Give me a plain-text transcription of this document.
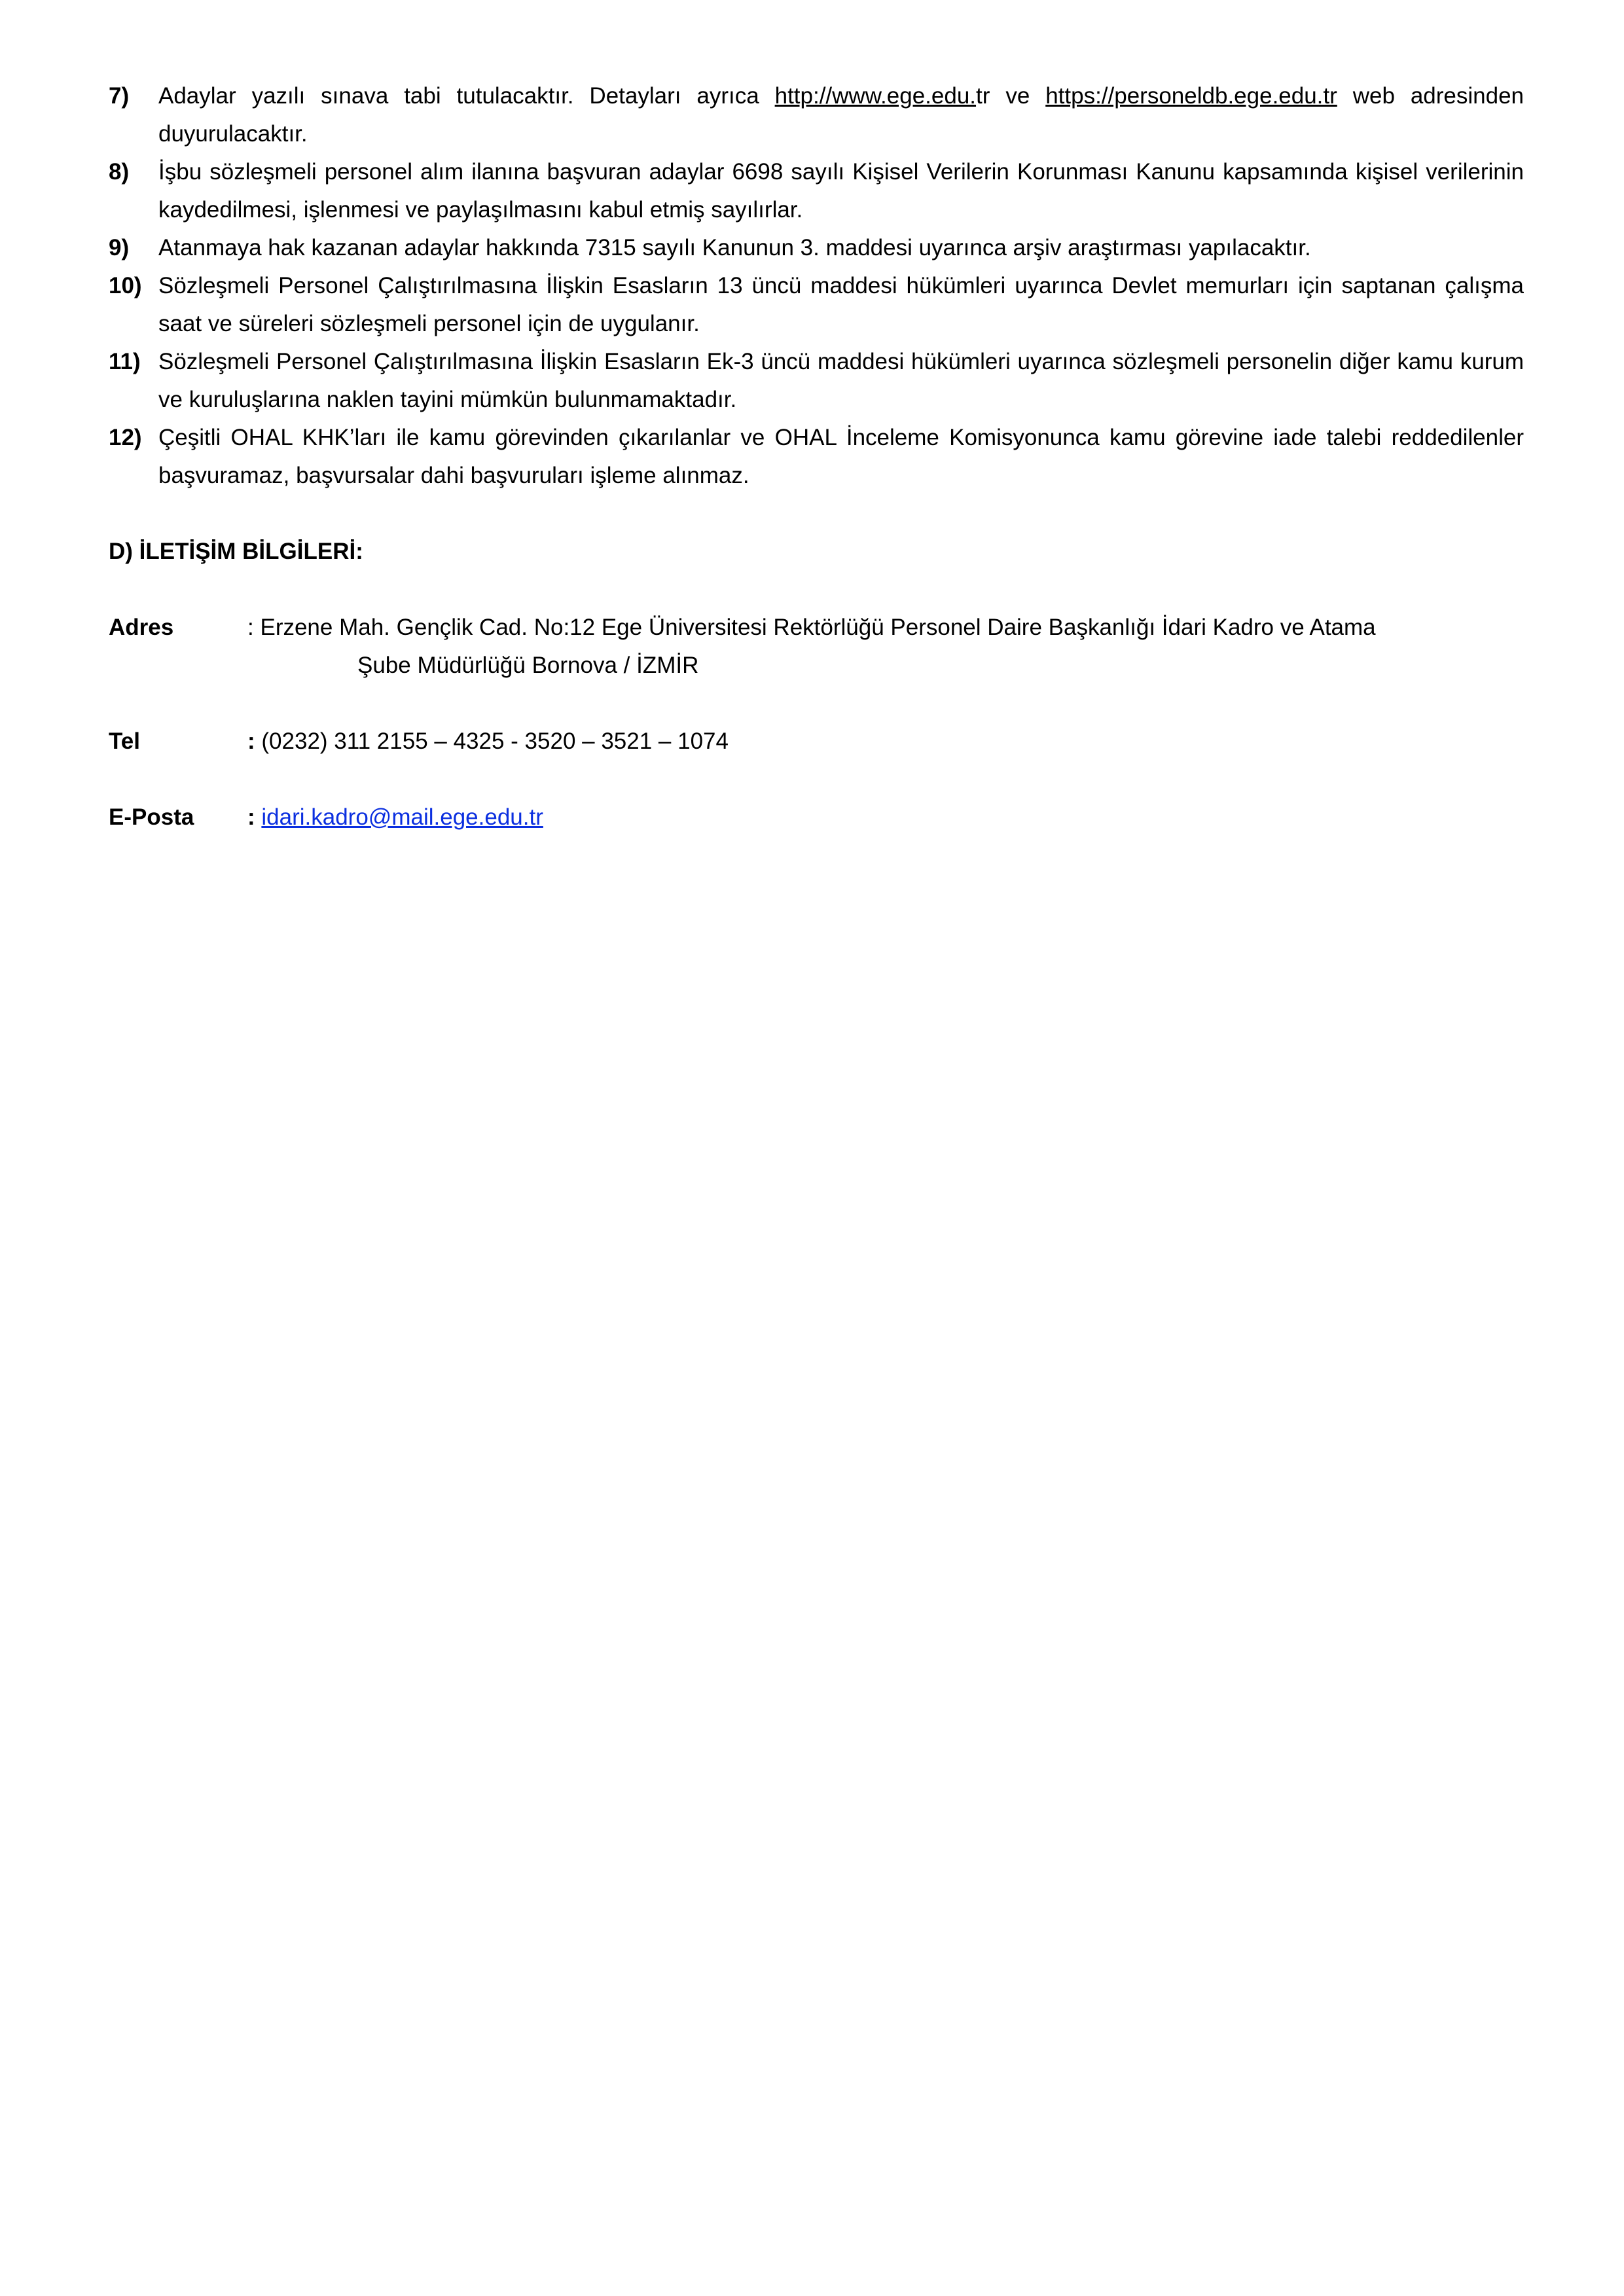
7) Adaylar yazılı sınava tabi tutulacaktır. Detayları ayrıca http://www.ege.edu.tr ve https://personeldb.ege.edu.tr web adresinden duyurulacaktır.
8) İşbu sözleşmeli personel alım ilanına başvuran adaylar 6698 sayılı Kişisel Verilerin Korunması Kanunu kapsamında kişisel verilerinin kaydedilmesi, işlenmesi ve paylaşılmasını kabul etmiş sayılırlar.
9) Atanmaya hak kazanan adaylar hakkında 7315 sayılı Kanunun 3. maddesi uyarınca arşiv araştırması yapılacaktır.
10) Sözleşmeli Personel Çalıştırılmasına İlişkin Esasların 13 üncü maddesi hükümleri uyarınca Devlet memurları için saptanan çalışma saat ve süreleri sözleşmeli personel için de uygulanır.
11) Sözleşmeli Personel Çalıştırılmasına İlişkin Esasların Ek-3 üncü maddesi hükümleri uyarınca sözleşmeli personelin diğer kamu kurum ve kuruluşlarına naklen tayini mümkün bulunmamaktadır.
12) Çeşitli OHAL KHK’ları ile kamu görevinden çıkarılanlar ve OHAL İnceleme Komisyonunca kamu görevine iade talebi reddedilenler başvuramaz, başvursalar dahi başvuruları işleme alınmaz.
D) İLETİŞİM BİLGİLERİ:
Adres	: Erzene Mah. Gençlik Cad. No:12 Ege Üniversitesi Rektörlüğü Personel Daire Başkanlığı İdari Kadro ve Atama
Şube Müdürlüğü Bornova / İZMİR
Tel	: (0232) 311 2155 – 4325 - 3520 – 3521 – 1074
E-Posta : idari.kadro@mail.ege.edu.tr
